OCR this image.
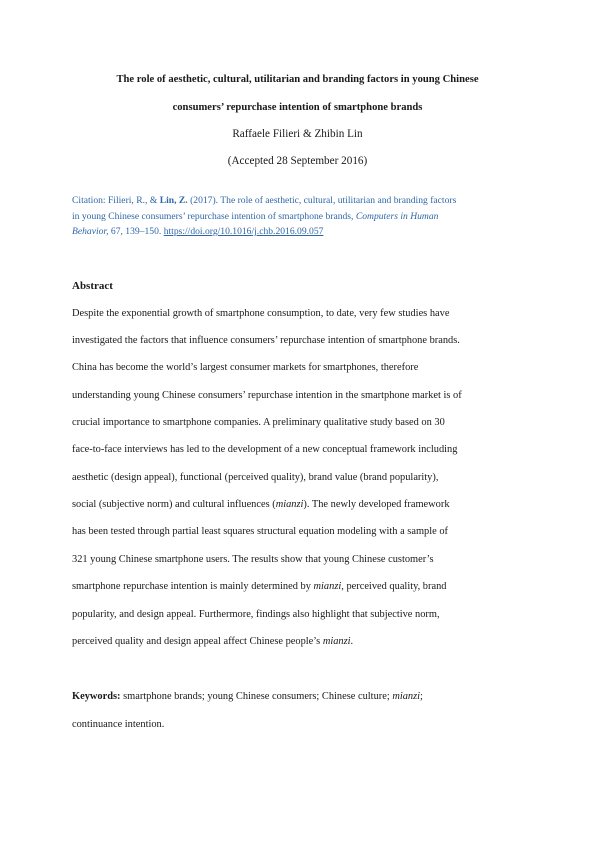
The role of aesthetic, cultural, utilitarian and branding factors in young Chinese
consumers’ repurchase intention of smartphone brands
Raffaele Filieri & Zhibin Lin
(Accepted 28 September 2016)
Citation: Filieri, R., & Lin, Z. (2017). The role of aesthetic, cultural, utilitarian and branding factors
in young Chinese consumers’ repurchase intention of smartphone brands, Computers in Human
Behavior, 67, 139–150. https://doi.org/10.1016/j.chb.2016.09.057
Abstract
Despite the exponential growth of smartphone consumption, to date, very few studies have
investigated the factors that influence consumers’ repurchase intention of smartphone brands.
China has become the world’s largest consumer markets for smartphones, therefore
understanding young Chinese consumers’ repurchase intention in the smartphone market is of
crucial importance to smartphone companies. A preliminary qualitative study based on 30
face-to-face interviews has led to the development of a new conceptual framework including
aesthetic (design appeal), functional (perceived quality), brand value (brand popularity),
social (subjective norm) and cultural influences (mianzi). The newly developed framework
has been tested through partial least squares structural equation modeling with a sample of
321 young Chinese smartphone users. The results show that young Chinese customer’s
smartphone repurchase intention is mainly determined by mianzi, perceived quality, brand
popularity, and design appeal. Furthermore, findings also highlight that subjective norm,
perceived quality and design appeal affect Chinese people’s mianzi.
Keywords: smartphone brands; young Chinese consumers; Chinese culture; mianzi;
continuance intention.
